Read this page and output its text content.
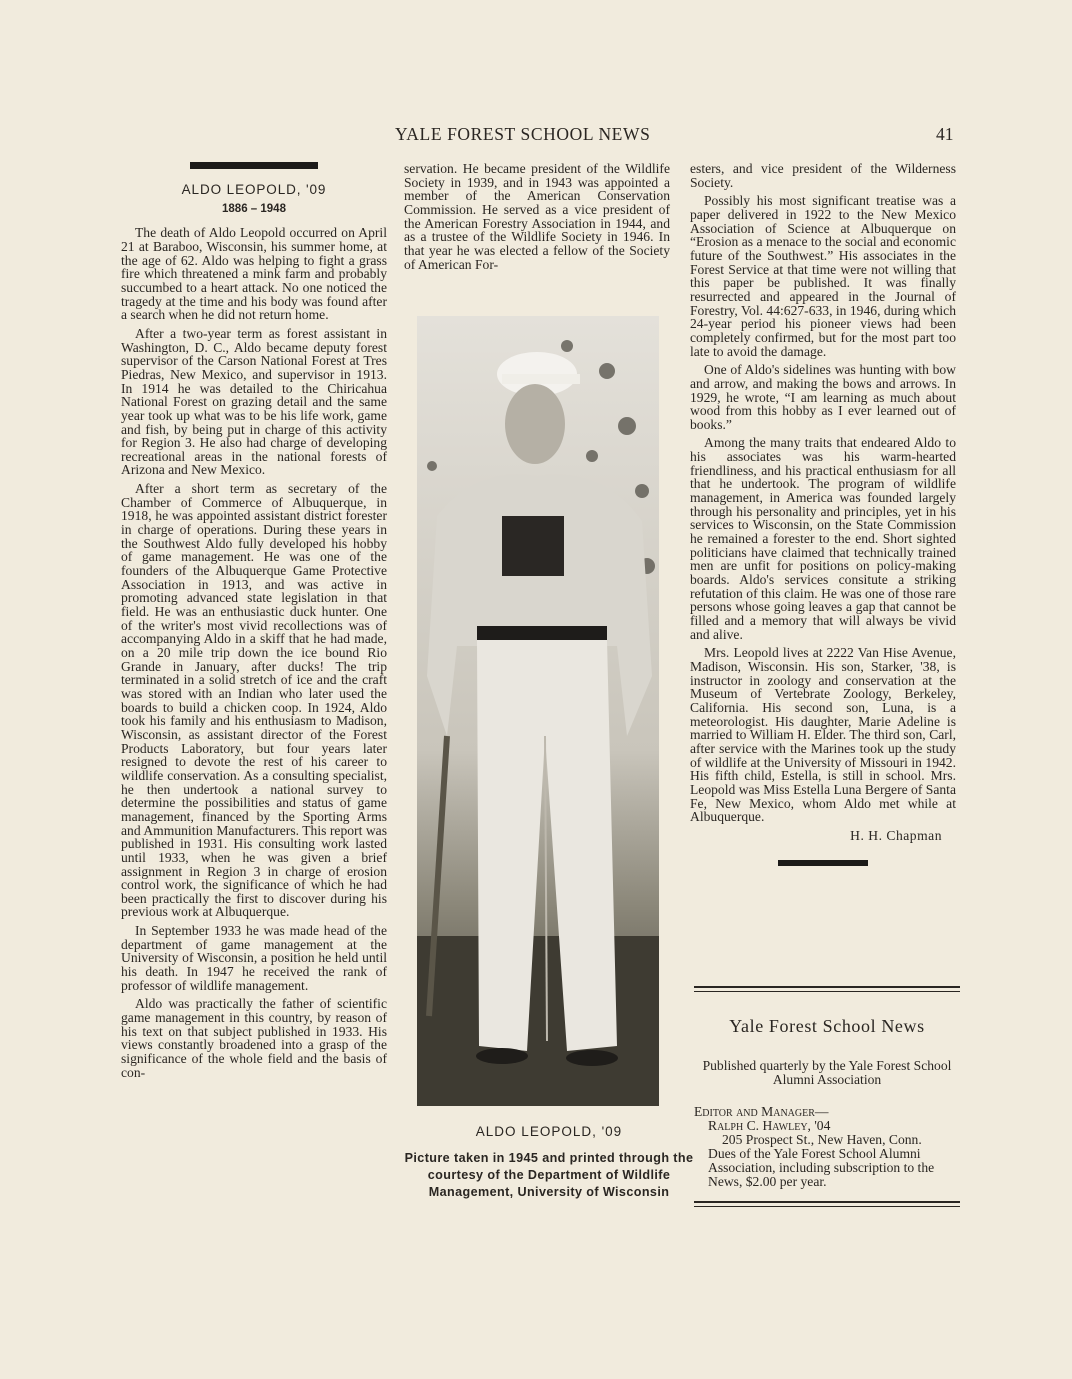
YALE FOREST SCHOOL NEWS	41
ALDO LEOPOLD, '09
1886 – 1948

The death of Aldo Leopold occurred on April 21 at Baraboo, Wisconsin, his summer home, at the age of 62. Aldo was helping to fight a grass fire which threatened a mink farm and probably succumbed to a heart attack. No one noticed the tragedy at the time and his body was found after a search when he did not return home.

After a two-year term as forest assistant in Washington, D. C., Aldo became deputy forest supervisor of the Carson National Forest at Tres Piedras, New Mexico, and supervisor in 1913. In 1914 he was detailed to the Chiricahua National Forest on grazing detail and the same year took up what was to be his life work, game and fish, by being put in charge of this activity for Region 3. He also had charge of developing recreational areas in the national forests of Arizona and New Mexico.

After a short term as secretary of the Chamber of Commerce of Albuquerque, in 1918, he was appointed assistant district forester in charge of operations. During these years in the Southwest Aldo fully developed his hobby of game management. He was one of the founders of the Albuquerque Game Protective Association in 1913, and was active in promoting advanced state legislation in that field. He was an enthusiastic duck hunter. One of the writer's most vivid recollections was of accompanying Aldo in a skiff that he had made, on a 20 mile trip down the ice bound Rio Grande in January, after ducks! The trip terminated in a solid stretch of ice and the craft was stored with an Indian who later used the boards to build a chicken coop. In 1924, Aldo took his family and his enthusiasm to Madison, Wisconsin, as assistant director of the Forest Products Laboratory, but four years later resigned to devote the rest of his career to wildlife conservation. As a consulting specialist, he then undertook a national survey to determine the possibilities and status of game management, financed by the Sporting Arms and Ammunition Manufacturers. This report was published in 1931. His consulting work lasted until 1933, when he was given a brief assignment in Region 3 in charge of erosion control work, the significance of which he had been practically the first to discover during his previous work at Albuquerque.

In September 1933 he was made head of the department of game management at the University of Wisconsin, a position he held until his death. In 1947 he received the rank of professor of wildlife management.

Aldo was practically the father of scientific game management in this country, by reason of his text on that subject published in 1933. His views constantly broadened into a grasp of the significance of the whole field and the basis of con-

servation. He became president of the Wildlife Society in 1939, and in 1943 was appointed a member of the American Conservation Commission. He served as a vice president of the American Forestry Association in 1944, and as a trustee of the Wildlife Society in 1946. In that year he was elected a fellow of the Society of American For-

ALDO LEOPOLD, '09
Picture taken in 1945 and printed through the courtesy of the Department of Wildlife Management, University of Wisconsin

esters, and vice president of the Wilderness Society.

Possibly his most significant treatise was a paper delivered in 1922 to the New Mexico Association of Science at Albuquerque on “Erosion as a menace to the social and economic future of the Southwest.” His associates in the Forest Service at that time were not willing that this paper be published. It was finally resurrected and appeared in the Journal of Forestry, Vol. 44:627-633, in 1946, during which 24-year period his pioneer views had been completely confirmed, but for the most part too late to avoid the damage.

One of Aldo's sidelines was hunting with bow and arrow, and making the bows and arrows. In 1929, he wrote, “I am learning as much about wood from this hobby as I ever learned out of books.”

Among the many traits that endeared Aldo to his associates was his warm-hearted friendliness, and his practical enthusiasm for all that he undertook. The program of wildlife management, in America was founded largely through his personality and principles, yet in his services to Wisconsin, on the State Commission he remained a forester to the end. Short sighted politicians have claimed that technically trained men are unfit for positions on policy-making boards. Aldo's services consitute a striking refutation of this claim. He was one of those rare persons whose going leaves a gap that cannot be filled and a memory that will always be vivid and alive.

Mrs. Leopold lives at 2222 Van Hise Avenue, Madison, Wisconsin. His son, Starker, '38, is instructor in zoology and conservation at the Museum of Vertebrate Zoology, Berkeley, California. His second son, Luna, is a meteorologist. His daughter, Marie Adeline is married to William H. Elder. The third son, Carl, after service with the Marines took up the study of wildlife at the University of Missouri in 1942. His fifth child, Estella, is still in school. Mrs. Leopold was Miss Estella Luna Bergere of Santa Fe, New Mexico, whom Aldo met while at Albuquerque.

H. H. Chapman
Yale Forest School News
Published quarterly by the Yale Forest School Alumni Association
Editor and Manager—
Ralph C. Hawley, '04
205 Prospect St., New Haven, Conn.
Dues of the Yale Forest School Alumni Association, including subscription to the News, $2.00 per year.
